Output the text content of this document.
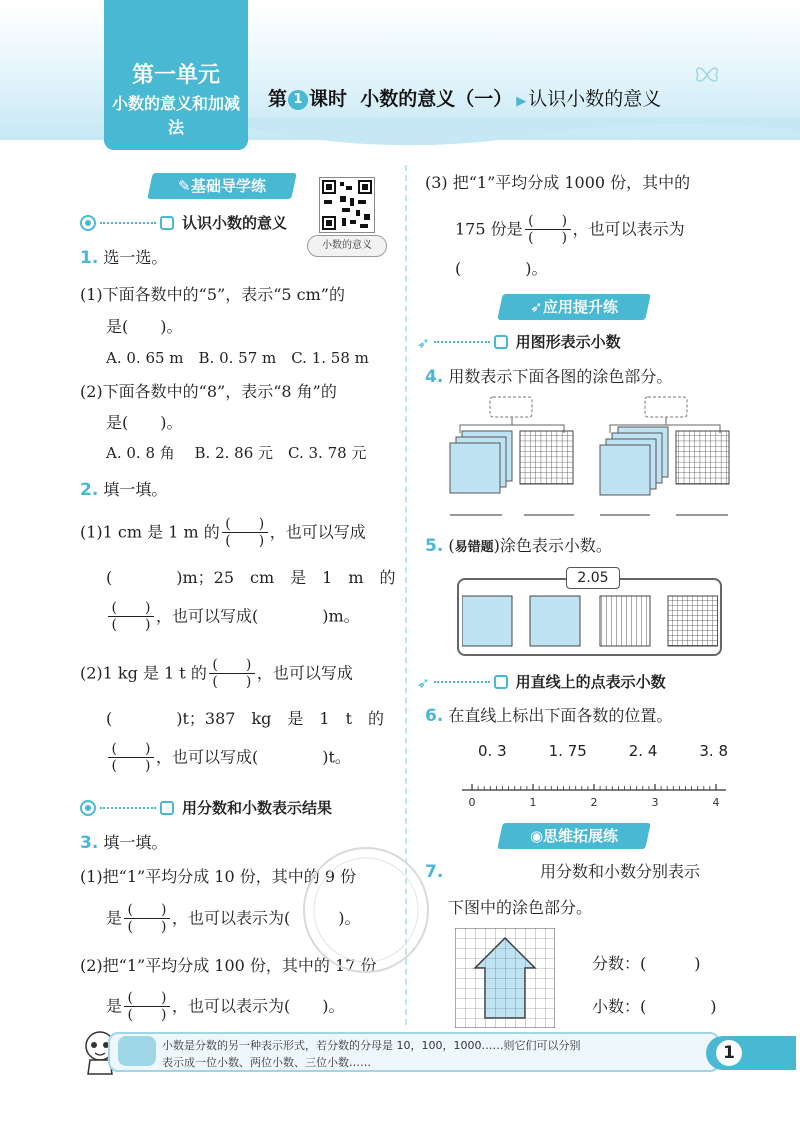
第一单元
小数的意义和加减法
第 1 课时 小数的意义（一） ▶ 认识小数的意义
✎基础导学练
小数的意义
认识小数的意义
1. 选一选。
(1)下面各数中的“5”，表示“5 cm”的
是(　　)。
A. 0. 65 m　B. 0. 57 m　C. 1. 58 m
(2)下面各数中的“8”，表示“8 角”的
是(　　)。
A. 0. 8 角　 B. 2. 86 元　C. 3. 78 元
2. 填一填。
(1)1 cm 是 1 m 的 $\frac{( )}{( )}$ ，也可以写成
(　　　　)m；25　cm　是　1　m　的
$\frac{( )}{( )}$ ，也可以写成(　　　　)m。
(2)1 kg 是 1 t 的 $\frac{( )}{( )}$ ，也可以写成
(　　　　)t；387　kg　是　1　t　的
$\frac{( )}{( )}$ ，也可以写成(　　　　)t。
用分数和小数表示结果
3. 填一填。
(1)把“1”平均分成 10 份，其中的 9 份
是 $\frac{( )}{( )}$ ，也可以表示为(　　　)。
(2)把“1”平均分成 100 份，其中的 17 份
是 $\frac{( )}{( )}$ ，也可以表示为(　　)。
(3) 把“1”平均分成 1000 份，其中的
175 份是 $\frac{( )}{( )}$ ，也可以表示为
(　　　　)。
➶应用提升练
➶	用图形表示小数
4. 用数表示下面各图的涂色部分。
5. (易错题)涂色表示小数。
2.05
➶	用直线上的点表示小数
6. 在直线上标出下面各数的位置。
0. 3	1. 75	2. 4	3. 8
0	1	2	3	4
◉思维拓展练
7.	用分数和小数分别表示
下图中的涂色部分。
分数：(　　　)
小数：(　　　　)
小数是分数的另一种表示形式，若分数的分母是 10，100，1000……则它们可以分别
表示成一位小数、两位小数、三位小数……	1
